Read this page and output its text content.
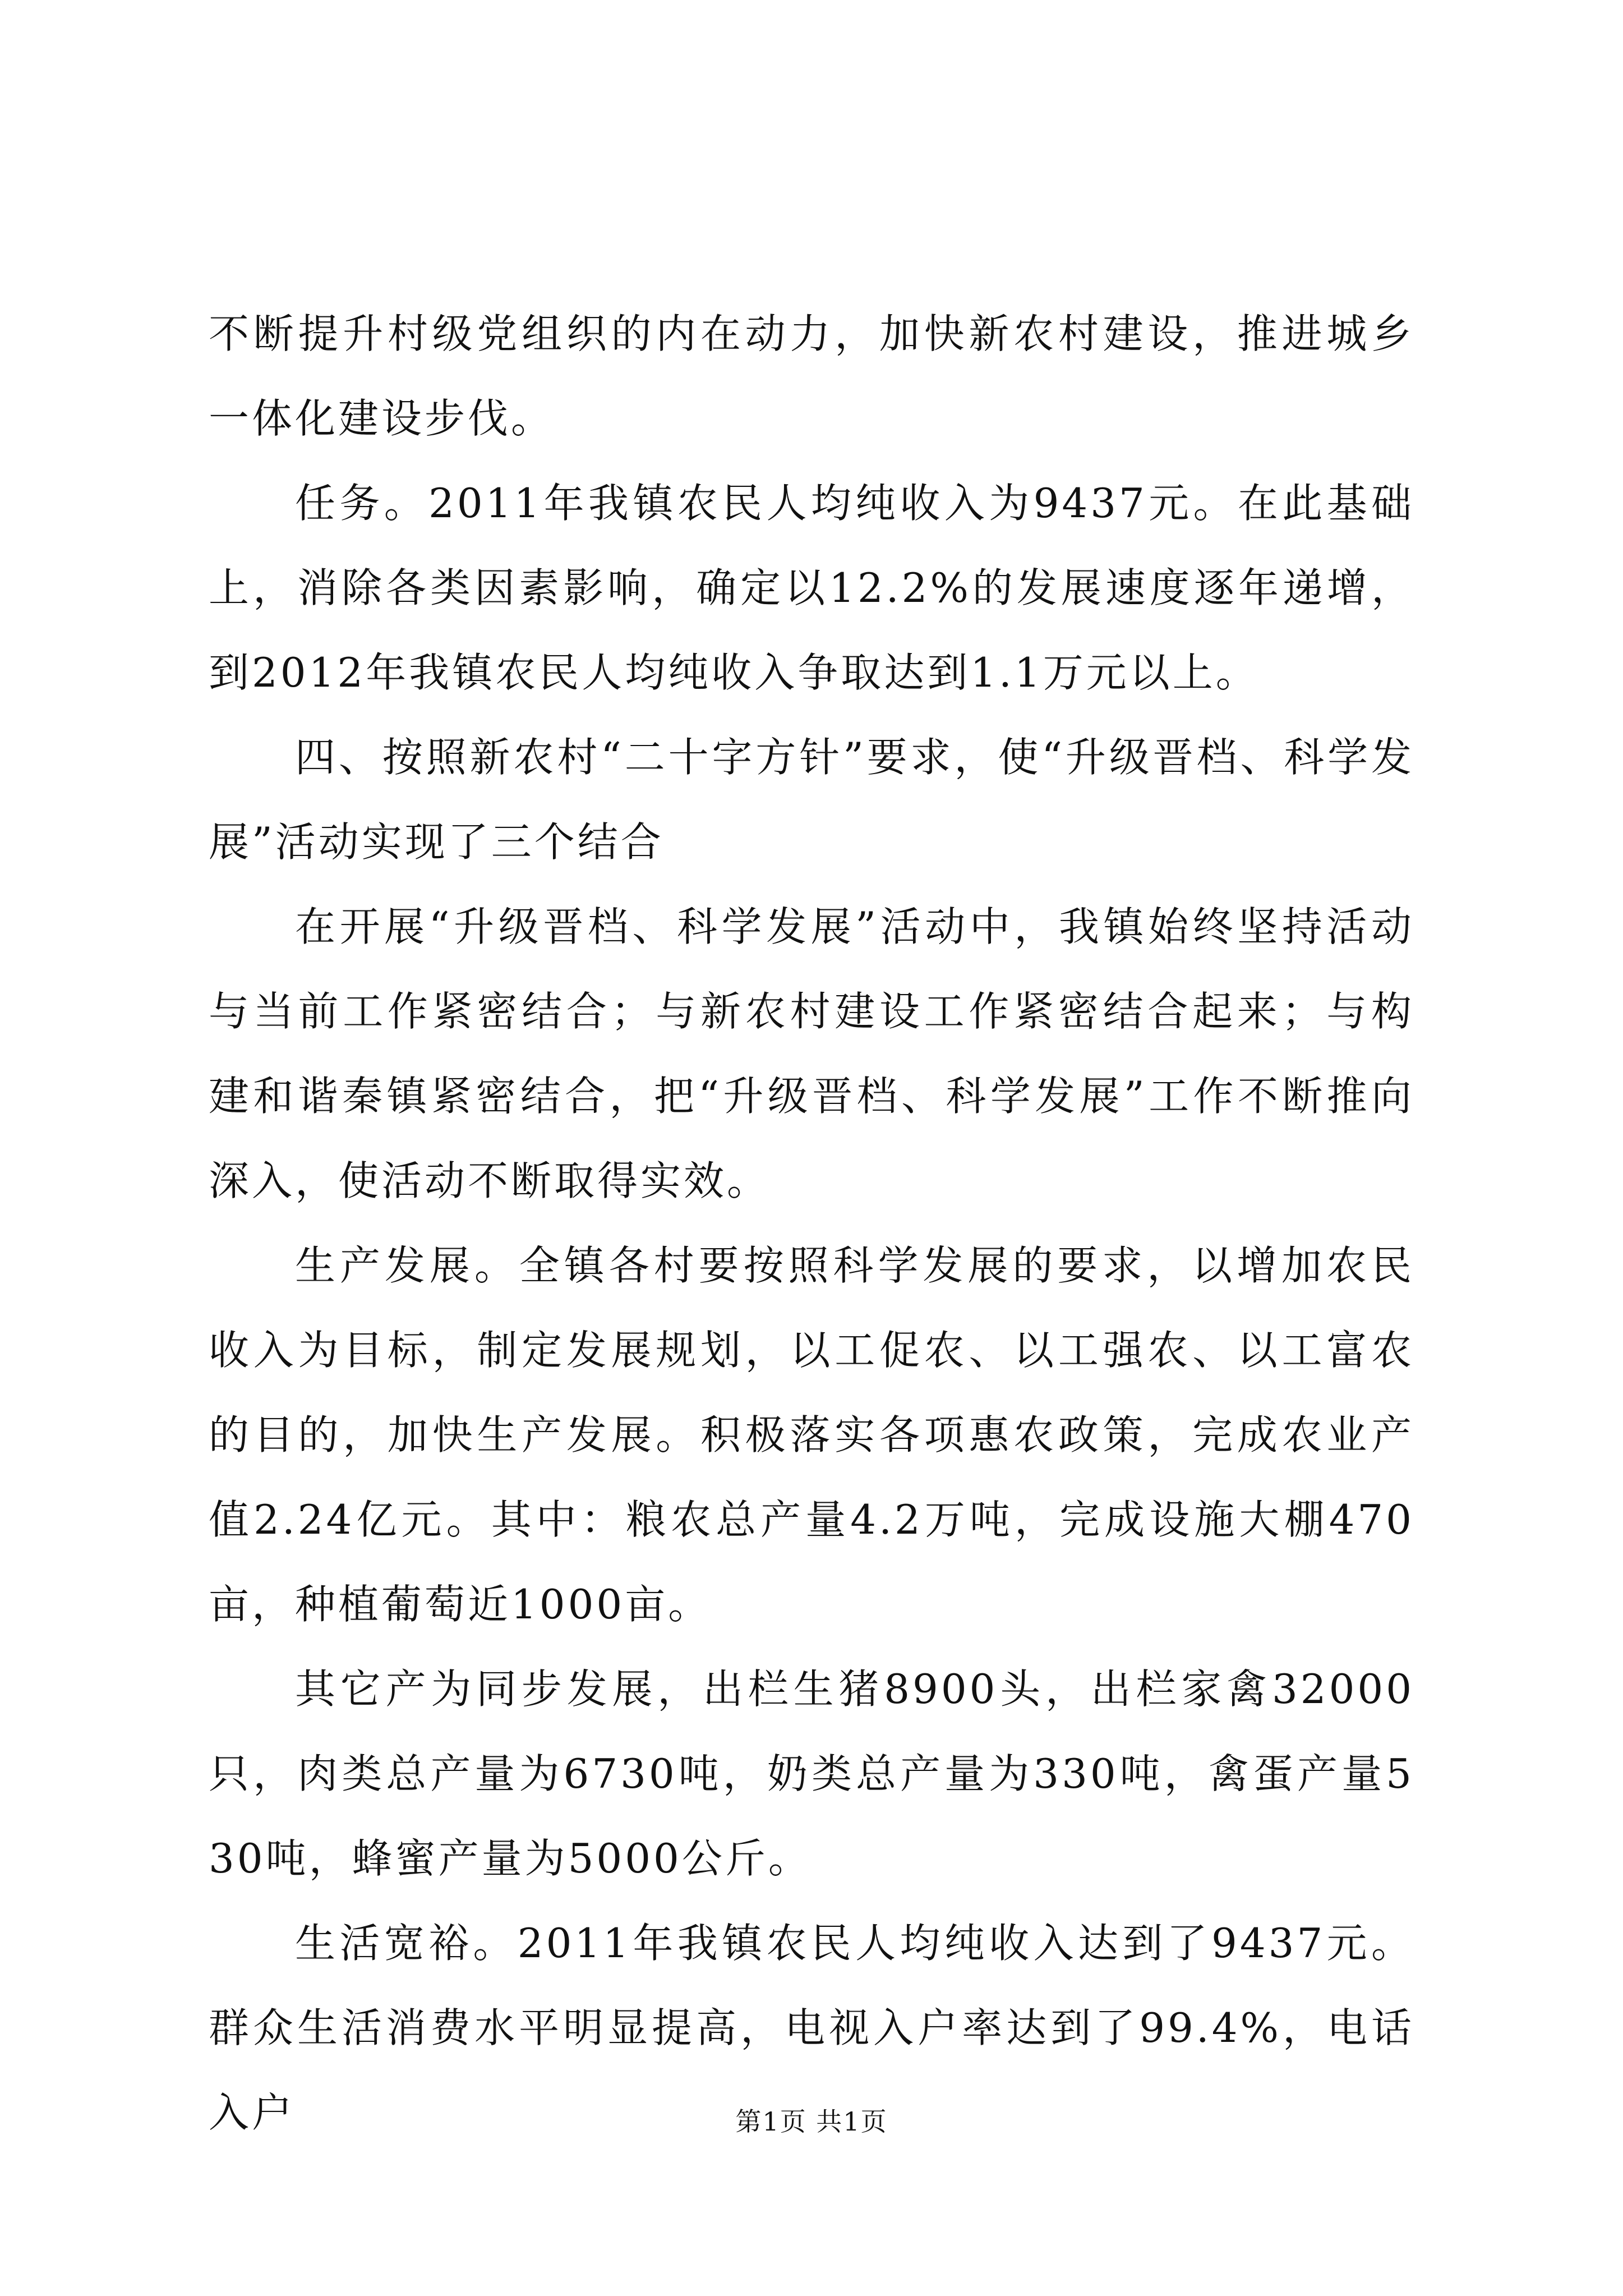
不断提升村级党组织的内在动力，加快新农村建设，推进城乡一体化建设步伐。

任务。2011年我镇农民人均纯收入为9437元。在此基础上，消除各类因素影响，确定以12.2%的发展速度逐年递增，到2012年我镇农民人均纯收入争取达到1.1万元以上。

四、按照新农村“二十字方针”要求，使“升级晋档、科学发展”活动实现了三个结合

在开展“升级晋档、科学发展”活动中，我镇始终坚持活动与当前工作紧密结合；与新农村建设工作紧密结合起来；与构建和谐秦镇紧密结合，把“升级晋档、科学发展”工作不断推向深入，使活动不断取得实效。

生产发展。全镇各村要按照科学发展的要求，以增加农民收入为目标，制定发展规划，以工促农、以工强农、以工富农的目的，加快生产发展。积极落实各项惠农政策，完成农业产值2.24亿元。其中：粮农总产量4.2万吨，完成设施大棚470亩，种植葡萄近1000亩。

其它产为同步发展，出栏生猪8900头，出栏家禽32000只，肉类总产量为6730吨，奶类总产量为330吨，禽蛋产量530吨，蜂蜜产量为5000公斤。

生活宽裕。2011年我镇农民人均纯收入达到了9437元。群众生活消费水平明显提高，电视入户率达到了99.4%，电话入户	第1页 共1页
